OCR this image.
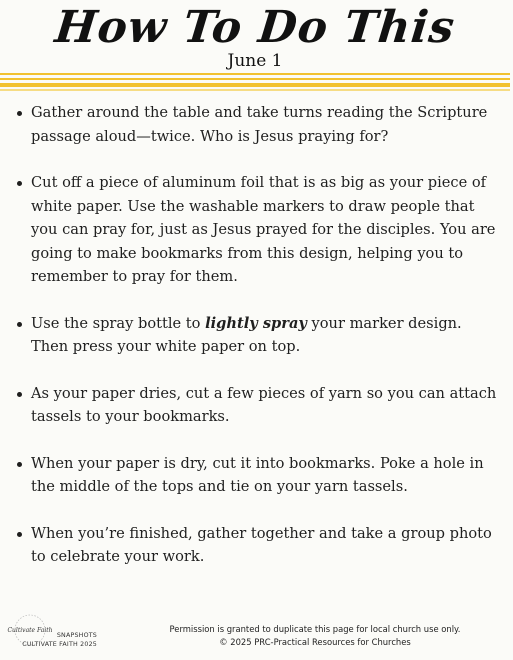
How To Do This
June 1
Gather around the table and take turns reading the Scripture passage aloud—twice. Who is Jesus praying for?
Cut off a piece of aluminum foil that is as big as your piece of white paper. Use the washable markers to draw people that you can pray for, just as Jesus prayed for the disciples. You are going to make bookmarks from this design, helping you to remember to pray for them.
Use the spray bottle to lightly spray your marker design. Then press your white paper on top.
As your paper dries, cut a few pieces of yarn so you can attach tassels to your bookmarks.
When your paper is dry, cut it into bookmarks. Poke a hole in the middle of the tops and tie on your yarn tassels.
When you’re finished, gather together and take a group photo to celebrate your work.
Cultivate Faith
SNAPSHOTS
CULTIVATE FAITH 2025
Permission is granted to duplicate this page for local church use only.
© 2025 PRC-Practical Resources for Churches
